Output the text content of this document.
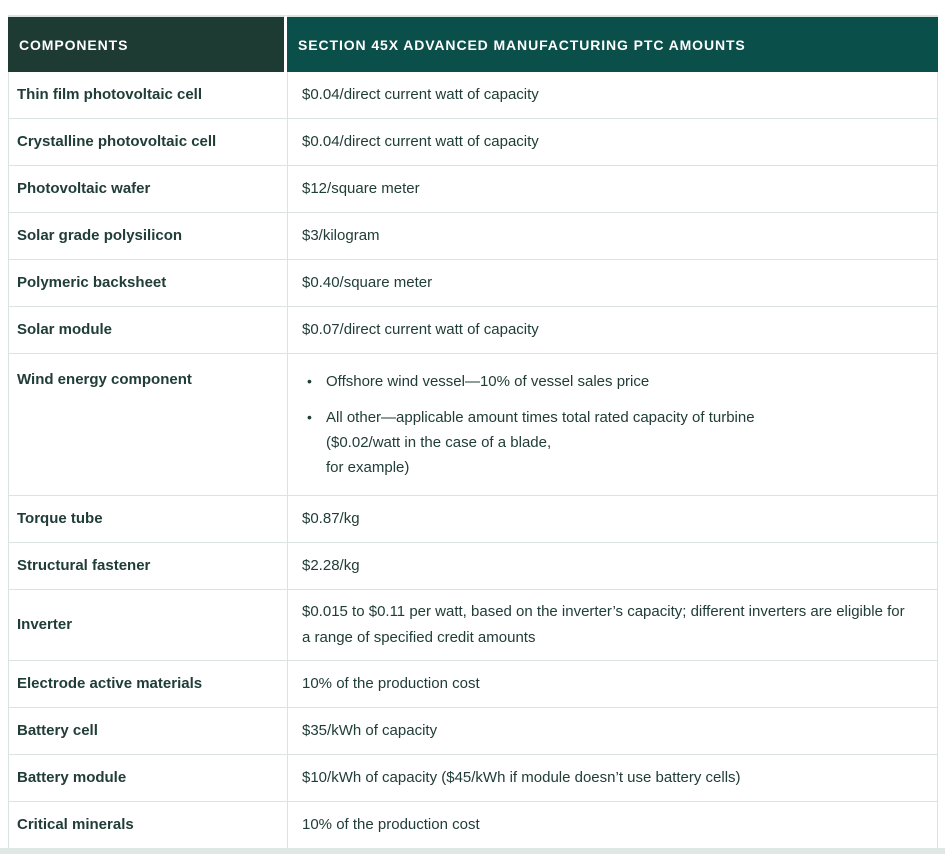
COMPONENTS	SECTION 45X ADVANCED MANUFACTURING PTC AMOUNTS
Thin film photovoltaic cell	$0.04/direct current watt of capacity
Crystalline photovoltaic cell	$0.04/direct current watt of capacity
Photovoltaic wafer	$12/square meter
Solar grade polysilicon	$3/kilogram
Polymeric backsheet	$0.40/square meter
Solar module	$0.07/direct current watt of capacity
Wind energy component	• Offshore wind vessel—10% of vessel sales price
• All other—applicable amount times total rated capacity of turbine
($0.02/watt in the case of a blade,
for example)

Torque tube	$0.87/kg
Structural fastener	$2.28/kg
Inverter	$0.015 to $0.11 per watt, based on the inverter’s capacity; different inverters are eligible for a range of specified credit amounts
Electrode active materials	10% of the production cost
Battery cell	$35/kWh of capacity
Battery module	$10/kWh of capacity ($45/kWh if module doesn’t use battery cells)
Critical minerals	10% of the production cost
